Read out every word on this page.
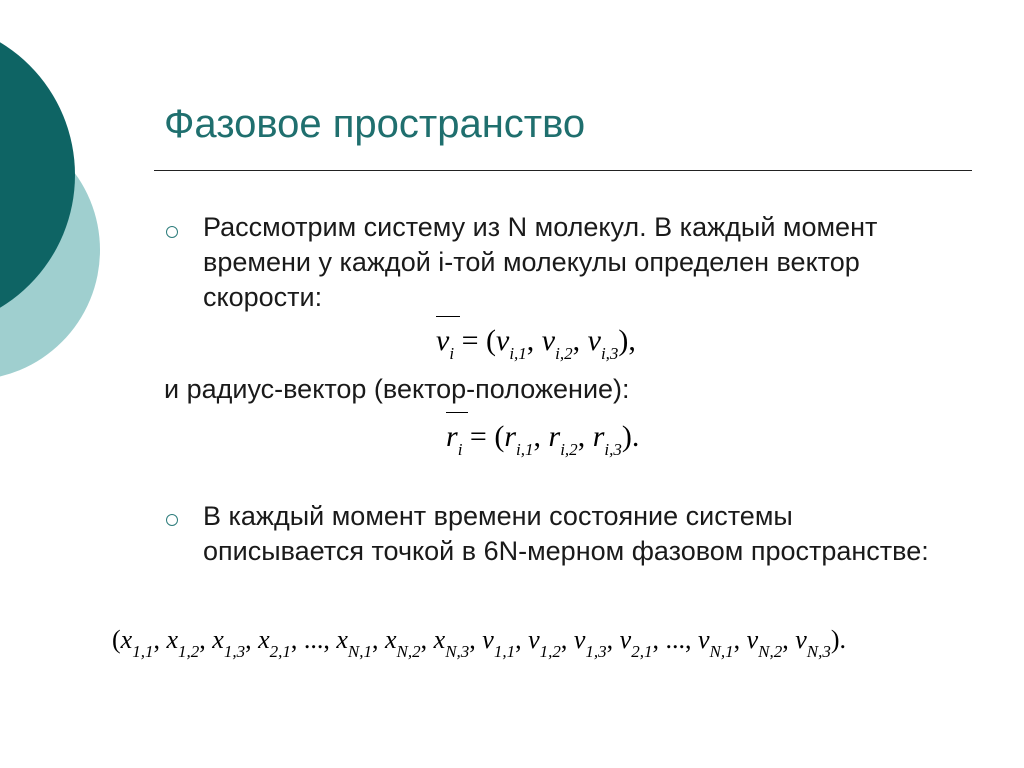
Фазовое пространство
Рассмотрим систему из N молекул. В каждый момент времени у каждой i-той молекулы определен вектор скорости:
$v_i = (v_{i,1}$, $v_{i,2}$, $v_{i,3}$),
и радиус-вектор (вектор-положение):
$r_i = (r_{i,1}$, $r_{i,2}$, $r_{i,3}$).
В каждый момент времени состояние системы описывается точкой в 6N-мерном фазовом пространстве:
($x_{1,1}$, $x_{1,2}$, $x_{1,3}$, $x_{2,1}$, ..., $x_{N,1}$, $x_{N,2}$, $x_{N,3}$, $v_{1,1}$, $v_{1,2}$, $v_{1,3}$, $v_{2,1}$, ..., $v_{N,1}$, $v_{N,2}$, $v_{N,3}$).
